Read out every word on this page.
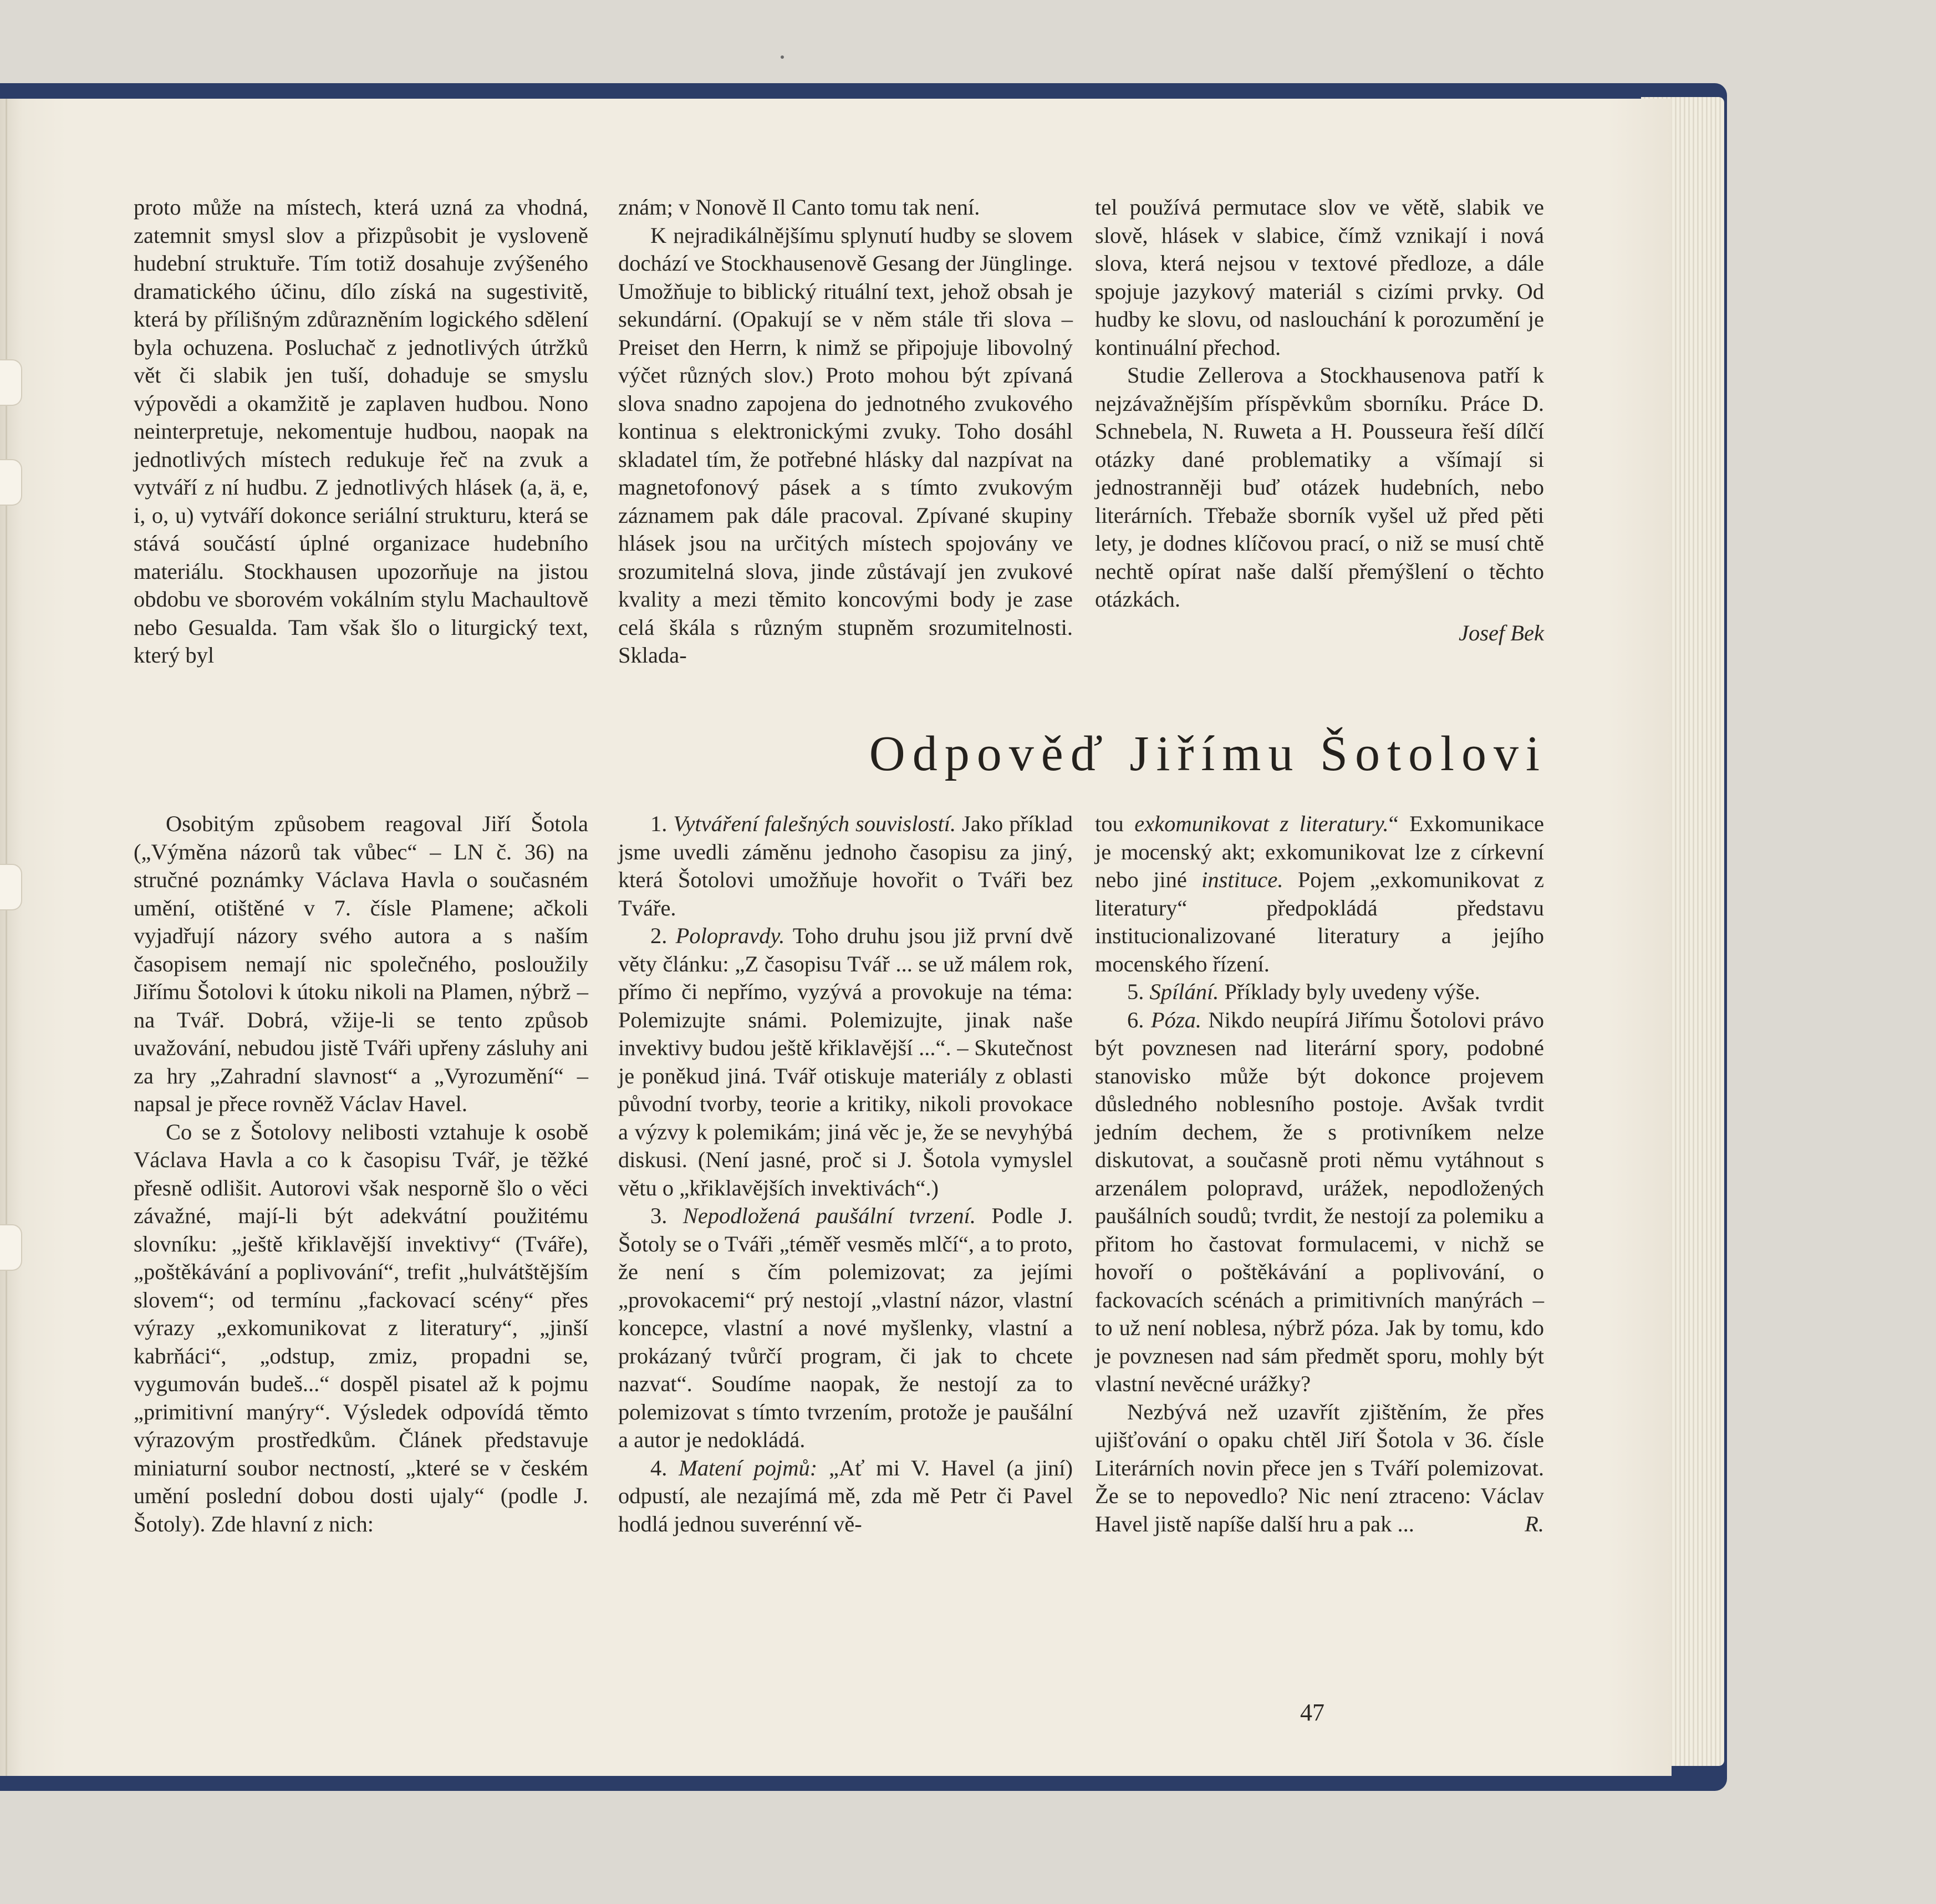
proto může na místech, která uzná za vhodná, zatemnit smysl slov a přizpůsobit je vysloveně hudební struktuře. Tím totiž dosahuje zvýšeného dramatického účinu, dílo získá na sugestivitě, která by přílišným zdůrazněním logického sdělení byla ochuzena. Posluchač z jednotlivých útržků vět či slabik jen tuší, dohaduje se smyslu výpovědi a okamžitě je zaplaven hudbou. Nono neinterpretuje, nekomentuje hudbou, naopak na jednotlivých místech redukuje řeč na zvuk a vytváří z ní hudbu. Z jednotlivých hlásek (a, ä, e, i, o, u) vytváří dokonce seriální strukturu, která se stává součástí úplné organizace hudebního materiálu. Stockhausen upozorňuje na jistou obdobu ve sborovém vokálním stylu Machaultově nebo Gesualda. Tam však šlo o liturgický text, který byl

znám; v Nonově Il Canto tomu tak není.

K nejradikálnějšímu splynutí hudby se slovem dochází ve Stockhausenově Gesang der Jünglinge. Umožňuje to biblický rituální text, jehož obsah je sekundární. (Opakují se v něm stále tři slova – Preiset den Herrn, k nimž se připojuje libovolný výčet různých slov.) Proto mohou být zpívaná slova snadno zapojena do jednotného zvukového kontinua s elektronickými zvuky. Toho dosáhl skladatel tím, že potřebné hlásky dal nazpívat na magnetofonový pásek a s tímto zvukovým záznamem pak dále pracoval. Zpívané skupiny hlásek jsou na určitých místech spojovány ve srozumitelná slova, jinde zůstávají jen zvukové kvality a mezi těmito koncovými body je zase celá škála s různým stupněm srozumitelnosti. Sklada-

tel používá permutace slov ve větě, slabik ve slově, hlásek v slabice, čímž vznikají i nová slova, která nejsou v textové předloze, a dále spojuje jazykový materiál s cizími prvky. Od hudby ke slovu, od naslouchání k porozumění je kontinuální přechod.

Studie Zellerova a Stockhausenova patří k nejzávažnějším příspěvkům sborníku. Práce D. Schnebela, N. Ruweta a H. Pousseura řeší dílčí otázky dané problematiky a všímají si jednostranněji buď otázek hudebních, nebo literárních. Třebaže sborník vyšel už před pěti lety, je dodnes klíčovou prací, o niž se musí chtě nechtě opírat naše další přemýšlení o těchto otázkách.

Josef Bek

Odpověď Jiřímu Šotolovi

Osobitým způsobem reagoval Jiří Šotola („Výměna názorů tak vůbec“ – LN č. 36) na stručné poznámky Václava Havla o současném umění, otištěné v 7. čísle Plamene; ačkoli vyjadřují názory svého autora a s naším časopisem nemají nic společného, posloužily Jiřímu Šotolovi k útoku nikoli na Plamen, nýbrž – na Tvář. Dobrá, vžije-li se tento způsob uvažování, nebudou jistě Tváři upřeny zásluhy ani za hry „Zahradní slavnost“ a „Vyrozumění“ – napsal je přece rovněž Václav Havel.

Co se z Šotolovy nelibosti vztahuje k osobě Václava Havla a co k časopisu Tvář, je těžké přesně odlišit. Autorovi však nesporně šlo o věci závažné, mají-li být adekvátní použitému slovníku: „ještě křiklavější invektivy“ (Tváře), „poštěkávání a poplivování“, trefit „hulvátštějším slovem“; od termínu „fackovací scény“ přes výrazy „exkomunikovat z literatury“, „jinší kabrňáci“, „odstup, zmiz, propadni se, vygumován budeš...“ dospěl pisatel až k pojmu „primitivní manýry“. Výsledek odpovídá těmto výrazovým prostředkům. Článek představuje miniaturní soubor nectností, „které se v českém umění poslední dobou dosti ujaly“ (podle J. Šotoly). Zde hlavní z nich:

1. Vytváření falešných souvislostí. Jako příklad jsme uvedli záměnu jednoho časopisu za jiný, která Šotolovi umožňuje hovořit o Tváři bez Tváře.

2. Polopravdy. Toho druhu jsou již první dvě věty článku: „Z časopisu Tvář ... se už málem rok, přímo či nepřímo, vyzývá a provokuje na téma: Polemizujte snámi. Polemizujte, jinak naše invektivy budou ještě křiklavější ...“. – Skutečnost je poněkud jiná. Tvář otiskuje materiály z oblasti původní tvorby, teorie a kritiky, nikoli provokace a výzvy k polemikám; jiná věc je, že se nevyhýbá diskusi. (Není jasné, proč si J. Šotola vymyslel větu o „křiklavějších invektivách“.)

3. Nepodložená paušální tvrzení. Podle J. Šotoly se o Tváři „téměř vesměs mlčí“, a to proto, že není s čím polemizovat; za jejími „provokacemi“ prý nestojí „vlastní názor, vlastní koncepce, vlastní a nové myšlenky, vlastní a prokázaný tvůrčí program, či jak to chcete nazvat“. Soudíme naopak, že nestojí za to polemizovat s tímto tvrzením, protože je paušální a autor je nedokládá.

4. Matení pojmů: „Ať mi V. Havel (a jiní) odpustí, ale nezajímá mě, zda mě Petr či Pavel hodlá jednou suverénní vě-

tou exkomunikovat z literatury.“ Exkomunikace je mocenský akt; exkomunikovat lze z církevní nebo jiné instituce. Pojem „exkomunikovat z literatury“ předpokládá představu institucionalizované literatury a jejího mocenského řízení.

5. Spílání. Příklady byly uvedeny výše.

6. Póza. Nikdo neupírá Jiřímu Šotolovi právo být povznesen nad literární spory, podobné stanovisko může být dokonce projevem důsledného noblesního postoje. Avšak tvrdit jedním dechem, že s protivníkem nelze diskutovat, a současně proti němu vytáhnout s arzenálem polopravd, urážek, nepodložených paušálních soudů; tvrdit, že nestojí za polemiku a přitom ho častovat formulacemi, v nichž se hovoří o poštěkávání a poplivování, o fackovacích scénách a primitivních manýrách – to už není noblesa, nýbrž póza. Jak by tomu, kdo je povznesen nad sám předmět sporu, mohly být vlastní nevěcné urážky?

Nezbývá než uzavřít zjištěním, že přes ujišťování o opaku chtěl Jiří Šotola v 36. čísle Literárních novin přece jen s Tváří polemizovat. Že se to nepovedlo? Nic není ztraceno: Václav Havel jistě napíše další hru a pak ...	R.

47
